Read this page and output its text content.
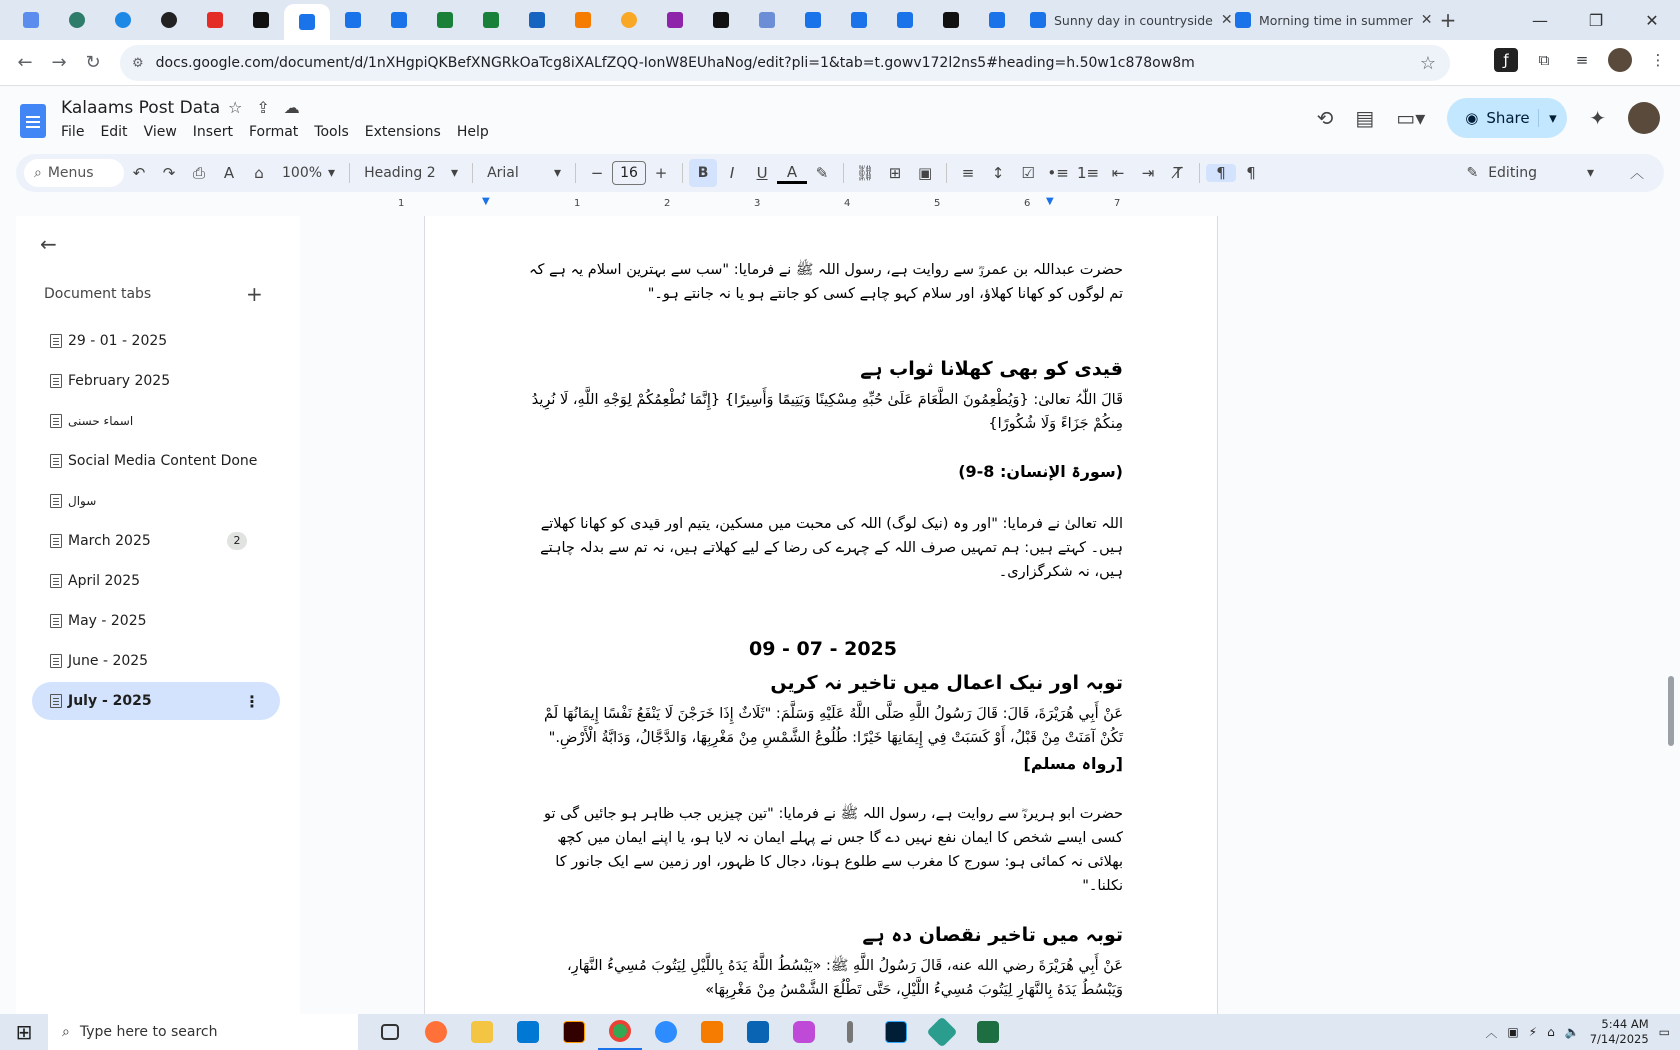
Sunny day in countryside ✕ Morning time in summer ✕ +	—	❐	✕
←	→	↻	⚙ docs.google.com/document/d/1nXHgpiQKBefXNGRkOaTcg8iXALfZQQ-IonW8EUhaNog/edit?pli=1&tab=t.gowv172l2ns5#heading=h.50w1c878ow8m	☆	ƒ	⧉	≡	⋮
Kalaams Post Data ☆ ⇪ ☁
File Edit View Insert Format Tools Extensions Help
⟲ ▤ ▭▾	◉ Share	▾	✦
⌕ Menus	↶	↷	⎙	A	⌂	100% ▾ Heading 2 ▾ Arial	▾	−	16	+	B	I	U	A	✎	⛓ ⊞	▣	≡	↕	☑ •≡ 1≡ ⇤	⇥	T̸	¶	¶	✎ Editing	▾	︿
1	▼	1	2	3	4	5	6 ▼	7
←
Document tabs	+
29 - 01 - 2025
February 2025
اسماء حسنی
Social Media Content Done
سوال
March 2025	2
April 2025
May - 2025
June - 2025
July - 2025	⋮
حضرت عبداللہ بن عمروؓ سے روایت ہے، رسول اللہ ﷺ نے فرمایا: "سب سے بہترین اسلام یہ ہے کہ تم لوگوں کو کھانا کھلاؤ، اور سلام کہو چاہے کسی کو جانتے ہو یا نہ جانتے ہو۔"
قیدی کو بھی کھلانا ثواب ہے
قَالَ اللّٰہُ تعالیٰ: {وَيُطْعِمُونَ الطَّعَامَ عَلَىٰ حُبِّهِ مِسْكِينًا وَيَتِيمًا وَأَسِيرًا} {إِنَّمَا نُطْعِمُكُمْ لِوَجْهِ اللَّهِ، لَا نُرِيدُ مِنكُمْ جَزَاءً وَلَا شُكُورًا}
(سورۃ الإنسان: 8-9)
اللہ تعالیٰ نے فرمایا: "اور وہ (نیک لوگ) اللہ کی محبت میں مسکین، یتیم اور قیدی کو کھانا کھلاتے ہیں۔ کہتے ہیں: ہم تمہیں صرف اللہ کے چہرے کی رضا کے لیے کھلاتے ہیں، نہ تم سے بدلہ چاہتے ہیں، نہ شکرگزاری۔
09 - 07 - 2025
توبہ اور نیک اعمال میں تاخیر نہ کریں
عَنْ أَبِي هُرَيْرَةَ، قَالَ: قَالَ رَسُولُ اللَّهِ صَلَّى اللَّهُ عَلَيْهِ وَسَلَّمَ: "ثَلَاثٌ إِذَا خَرَجْنَ لَا يَنْفَعُ نَفْسًا إِيمَانُهَا لَمْ تَكُنْ آمَنَتْ مِنْ قَبْلُ، أَوْ كَسَبَتْ فِي إِيمَانِهَا خَيْرًا: طُلُوعُ الشَّمْسِ مِنْ مَغْرِبِهَا، وَالدَّجَّالُ، وَدَابَّةُ الْأَرْضِ."
[رواہ مسلم]
حضرت ابو ہریرہؓ سے روایت ہے، رسول اللہ ﷺ نے فرمایا: "تین چیزیں جب ظاہر ہو جائیں گی تو کسی ایسے شخص کا ایمان نفع نہیں دے گا جس نے پہلے ایمان نہ لایا ہو، یا اپنے ایمان میں کچھ بھلائی نہ کمائی ہو: سورج کا مغرب سے طلوع ہونا، دجال کا ظہور، اور زمین سے ایک جانور کا نکلنا۔"
توبہ میں تاخیر نقصان دہ ہے
عَنْ أَبِي هُرَيْرَةَ رضي الله عنه، قَالَ رَسُولُ اللَّهِ ﷺ: «يَبْسُطُ اللَّهُ يَدَهُ بِاللَّيْلِ لِيَتُوبَ مُسِيءُ النَّهَارِ، وَيَبْسُطُ يَدَهُ بِالنَّهَارِ لِيَتُوبَ مُسِيءُ اللَّيْلِ، حَتَّى تَطْلُعَ الشَّمْسُ مِنْ مَغْرِبِهَا»
⊞	⌕ Type here to search	︿ ▣ ⚡ ⌂ 🔈
5:44 AM
7/14/2025 ▭
